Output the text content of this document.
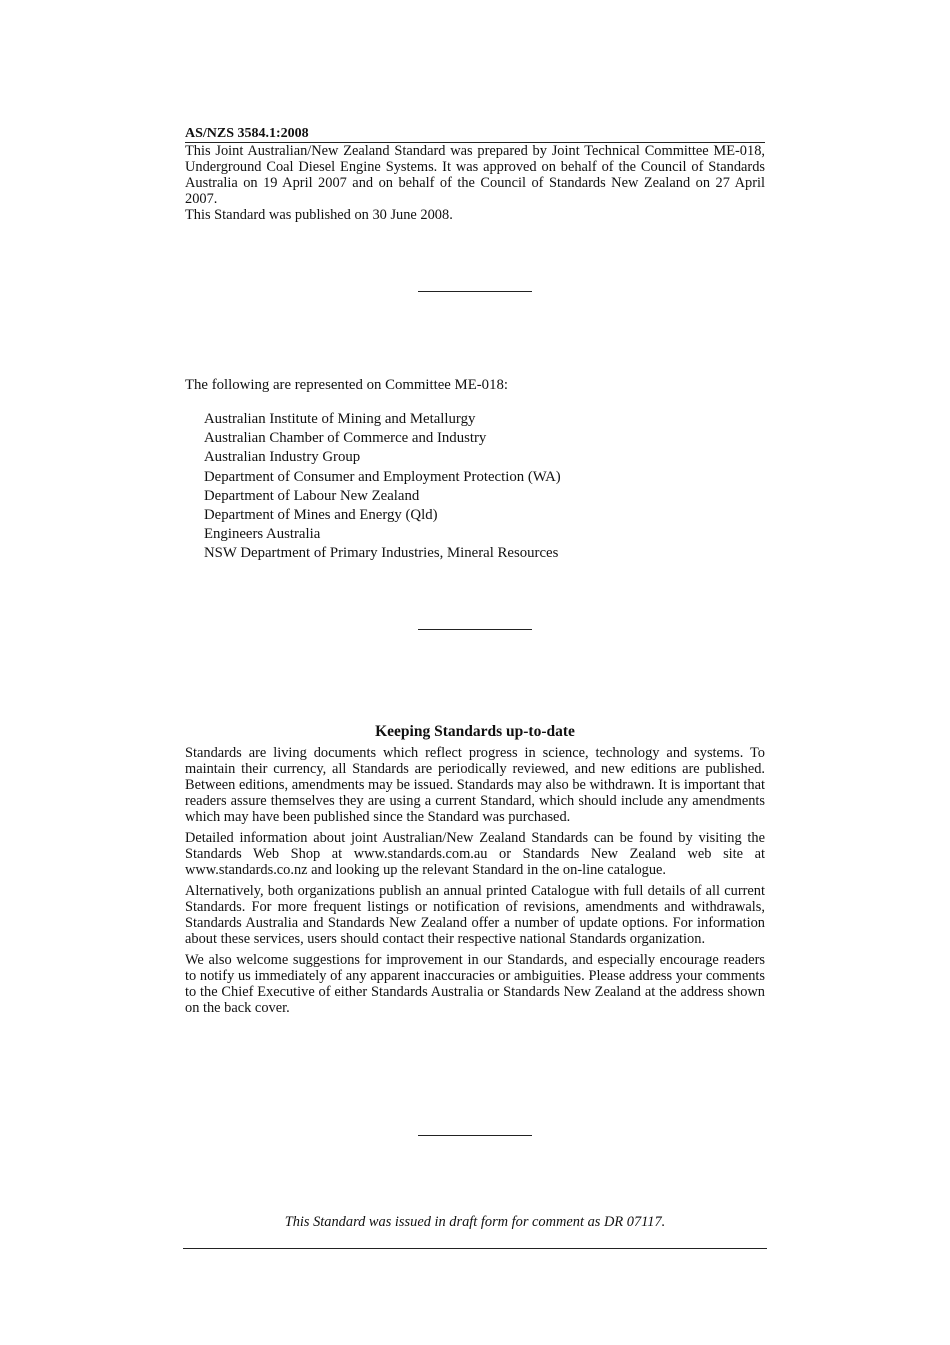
AS/NZS 3584.1:2008

This Joint Australian/New Zealand Standard was prepared by Joint Technical Committee ME-018, Underground Coal Diesel Engine Systems. It was approved on behalf of the Council of Standards Australia on 19 April 2007 and on behalf of the Council of Standards New Zealand on 27 April 2007.

This Standard was published on 30 June 2008.

The following are represented on Committee ME-018:

Australian Institute of Mining and Metallurgy
Australian Chamber of Commerce and Industry
Australian Industry Group
Department of Consumer and Employment Protection (WA)
Department of Labour New Zealand
Department of Mines and Energy (Qld)
Engineers Australia
NSW Department of Primary Industries, Mineral Resources
Keeping Standards up-to-date

Standards are living documents which reflect progress in science, technology and systems. To maintain their currency, all Standards are periodically reviewed, and new editions are published. Between editions, amendments may be issued. Standards may also be withdrawn. It is important that readers assure themselves they are using a current Standard, which should include any amendments which may have been published since the Standard was purchased.

Detailed information about joint Australian/New Zealand Standards can be found by visiting the Standards Web Shop at www.standards.com.au or Standards New Zealand web site at www.standards.co.nz and looking up the relevant Standard in the on-line catalogue.

Alternatively, both organizations publish an annual printed Catalogue with full details of all current Standards. For more frequent listings or notification of revisions, amendments and withdrawals, Standards Australia and Standards New Zealand offer a number of update options. For information about these services, users should contact their respective national Standards organization.

We also welcome suggestions for improvement in our Standards, and especially encourage readers to notify us immediately of any apparent inaccuracies or ambiguities. Please address your comments to the Chief Executive of either Standards Australia or Standards New Zealand at the address shown on the back cover.

This Standard was issued in draft form for comment as DR 07117.
